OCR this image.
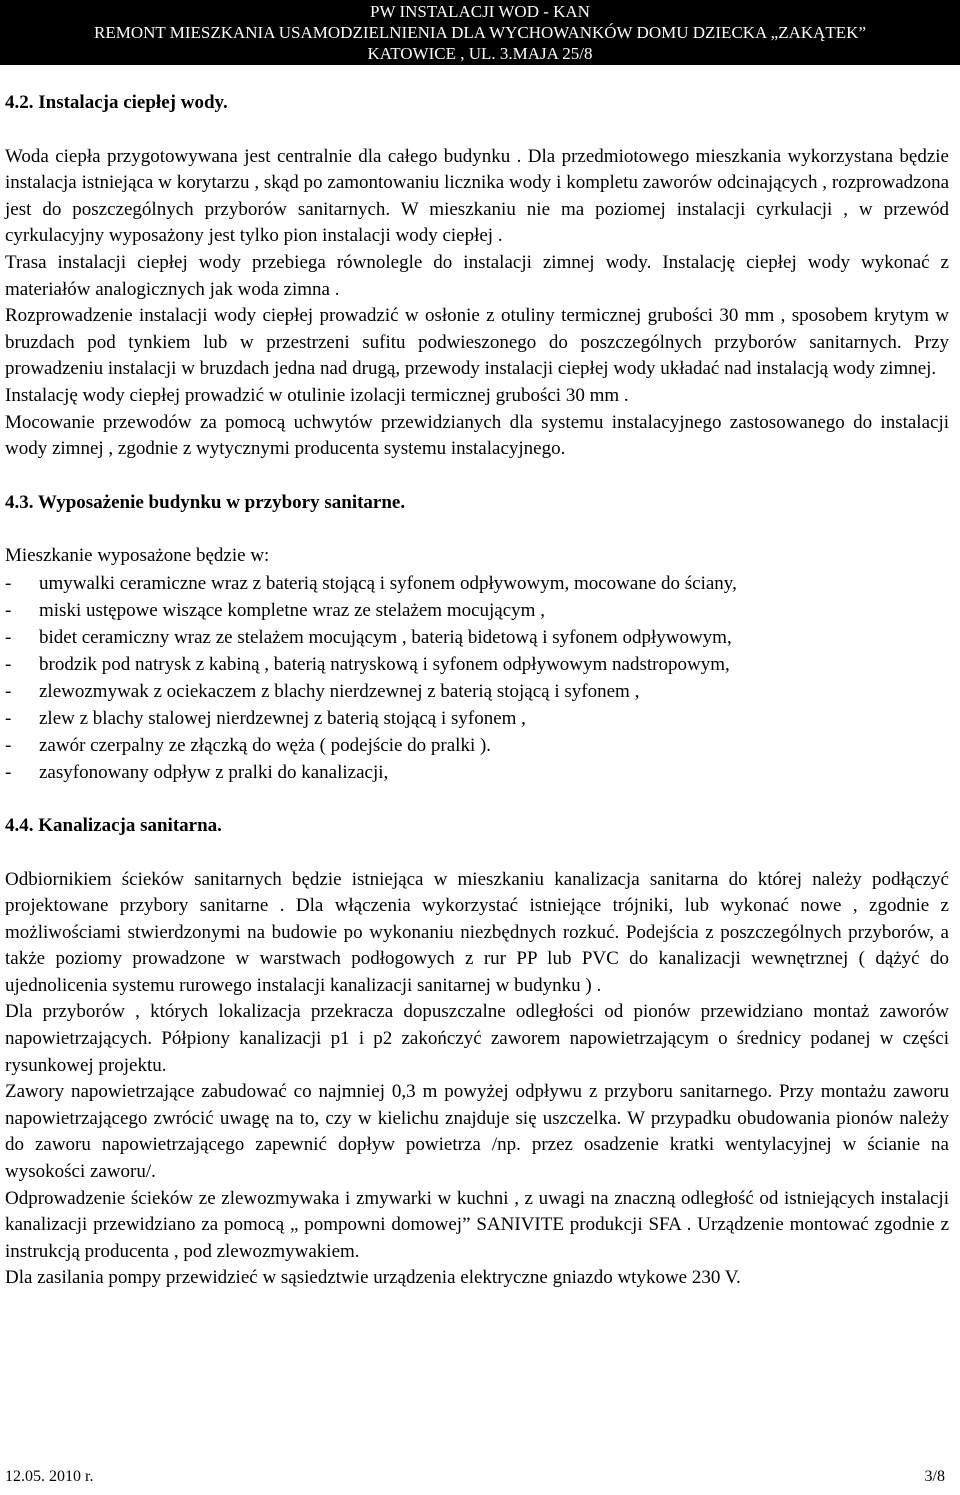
PW INSTALACJI WOD - KAN
REMONT MIESZKANIA USAMODZIELNIENIA DLA WYCHOWANKÓW DOMU DZIECKA „ZAKĄTEK”
KATOWICE , UL. 3.MAJA 25/8
4.2. Instalacja ciepłej wody.

Woda ciepła przygotowywana jest centralnie dla całego budynku . Dla przedmiotowego mieszkania wykorzystana będzie instalacja istniejąca w korytarzu , skąd po zamontowaniu licznika wody i kompletu zaworów odcinających , rozprowadzona jest do poszczególnych przyborów sanitarnych. W mieszkaniu nie ma poziomej instalacji cyrkulacji , w przewód cyrkulacyjny wyposażony jest tylko pion instalacji wody ciepłej .

Trasa instalacji ciepłej wody przebiega równolegle do instalacji zimnej wody. Instalację ciepłej wody wykonać z materiałów analogicznych jak woda zimna .

Rozprowadzenie instalacji wody ciepłej prowadzić w osłonie z otuliny termicznej grubości 30 mm , sposobem krytym w bruzdach pod tynkiem lub w przestrzeni sufitu podwieszonego do poszczególnych przyborów sanitarnych. Przy prowadzeniu instalacji w bruzdach jedna nad drugą, przewody instalacji ciepłej wody układać nad instalacją wody zimnej.

Instalację wody ciepłej prowadzić w otulinie izolacji termicznej grubości 30 mm .

Mocowanie przewodów za pomocą uchwytów przewidzianych dla systemu instalacyjnego zastosowanego do instalacji wody zimnej , zgodnie z wytycznymi producenta systemu instalacyjnego.

4.3. Wyposażenie budynku w przybory sanitarne.

Mieszkanie wyposażone będzie w:

-	umywalki ceramiczne wraz z baterią stojącą i syfonem odpływowym, mocowane do ściany,
-	miski ustępowe wiszące kompletne wraz ze stelażem mocującym ,
-	bidet ceramiczny wraz ze stelażem mocującym , baterią bidetową i syfonem odpływowym,
-	brodzik pod natrysk z kabiną , baterią natryskową i syfonem odpływowym nadstropowym,
-	zlewozmywak z ociekaczem z blachy nierdzewnej z baterią stojącą i syfonem ,
-	zlew z blachy stalowej nierdzewnej z baterią stojącą i syfonem ,
-	zawór czerpalny ze złączką do węża ( podejście do pralki ).
-	zasyfonowany odpływ z pralki do kanalizacji,
4.4. Kanalizacja sanitarna.

Odbiornikiem ścieków sanitarnych będzie istniejąca w mieszkaniu kanalizacja sanitarna do której należy podłączyć projektowane przybory sanitarne . Dla włączenia wykorzystać istniejące trójniki, lub wykonać nowe , zgodnie z możliwościami stwierdzonymi na budowie po wykonaniu niezbędnych rozkuć. Podejścia z poszczególnych przyborów, a także poziomy prowadzone w warstwach podłogowych z rur PP lub PVC do kanalizacji wewnętrznej ( dążyć do ujednolicenia systemu rurowego instalacji kanalizacji sanitarnej w budynku ) .

Dla przyborów , których lokalizacja przekracza dopuszczalne odległości od pionów przewidziano montaż zaworów napowietrzających. Półpiony kanalizacji p1 i p2 zakończyć zaworem napowietrzającym o średnicy podanej w części rysunkowej projektu.

Zawory napowietrzające zabudować co najmniej 0,3 m powyżej odpływu z przyboru sanitarnego. Przy montażu zaworu napowietrzającego zwrócić uwagę na to, czy w kielichu znajduje się uszczelka. W przypadku obudowania pionów należy do zaworu napowietrzającego zapewnić dopływ powietrza /np. przez osadzenie kratki wentylacyjnej w ścianie na wysokości zaworu/.

Odprowadzenie ścieków ze zlewozmywaka i zmywarki w kuchni , z uwagi na znaczną odległość od istniejących instalacji kanalizacji przewidziano za pomocą „ pompowni domowej” SANIVITE produkcji SFA . Urządzenie montować zgodnie z instrukcją producenta , pod zlewozmywakiem.

Dla zasilania pompy przewidzieć w sąsiedztwie urządzenia elektryczne gniazdo wtykowe 230 V.

12.05. 2010 r.	3/8
